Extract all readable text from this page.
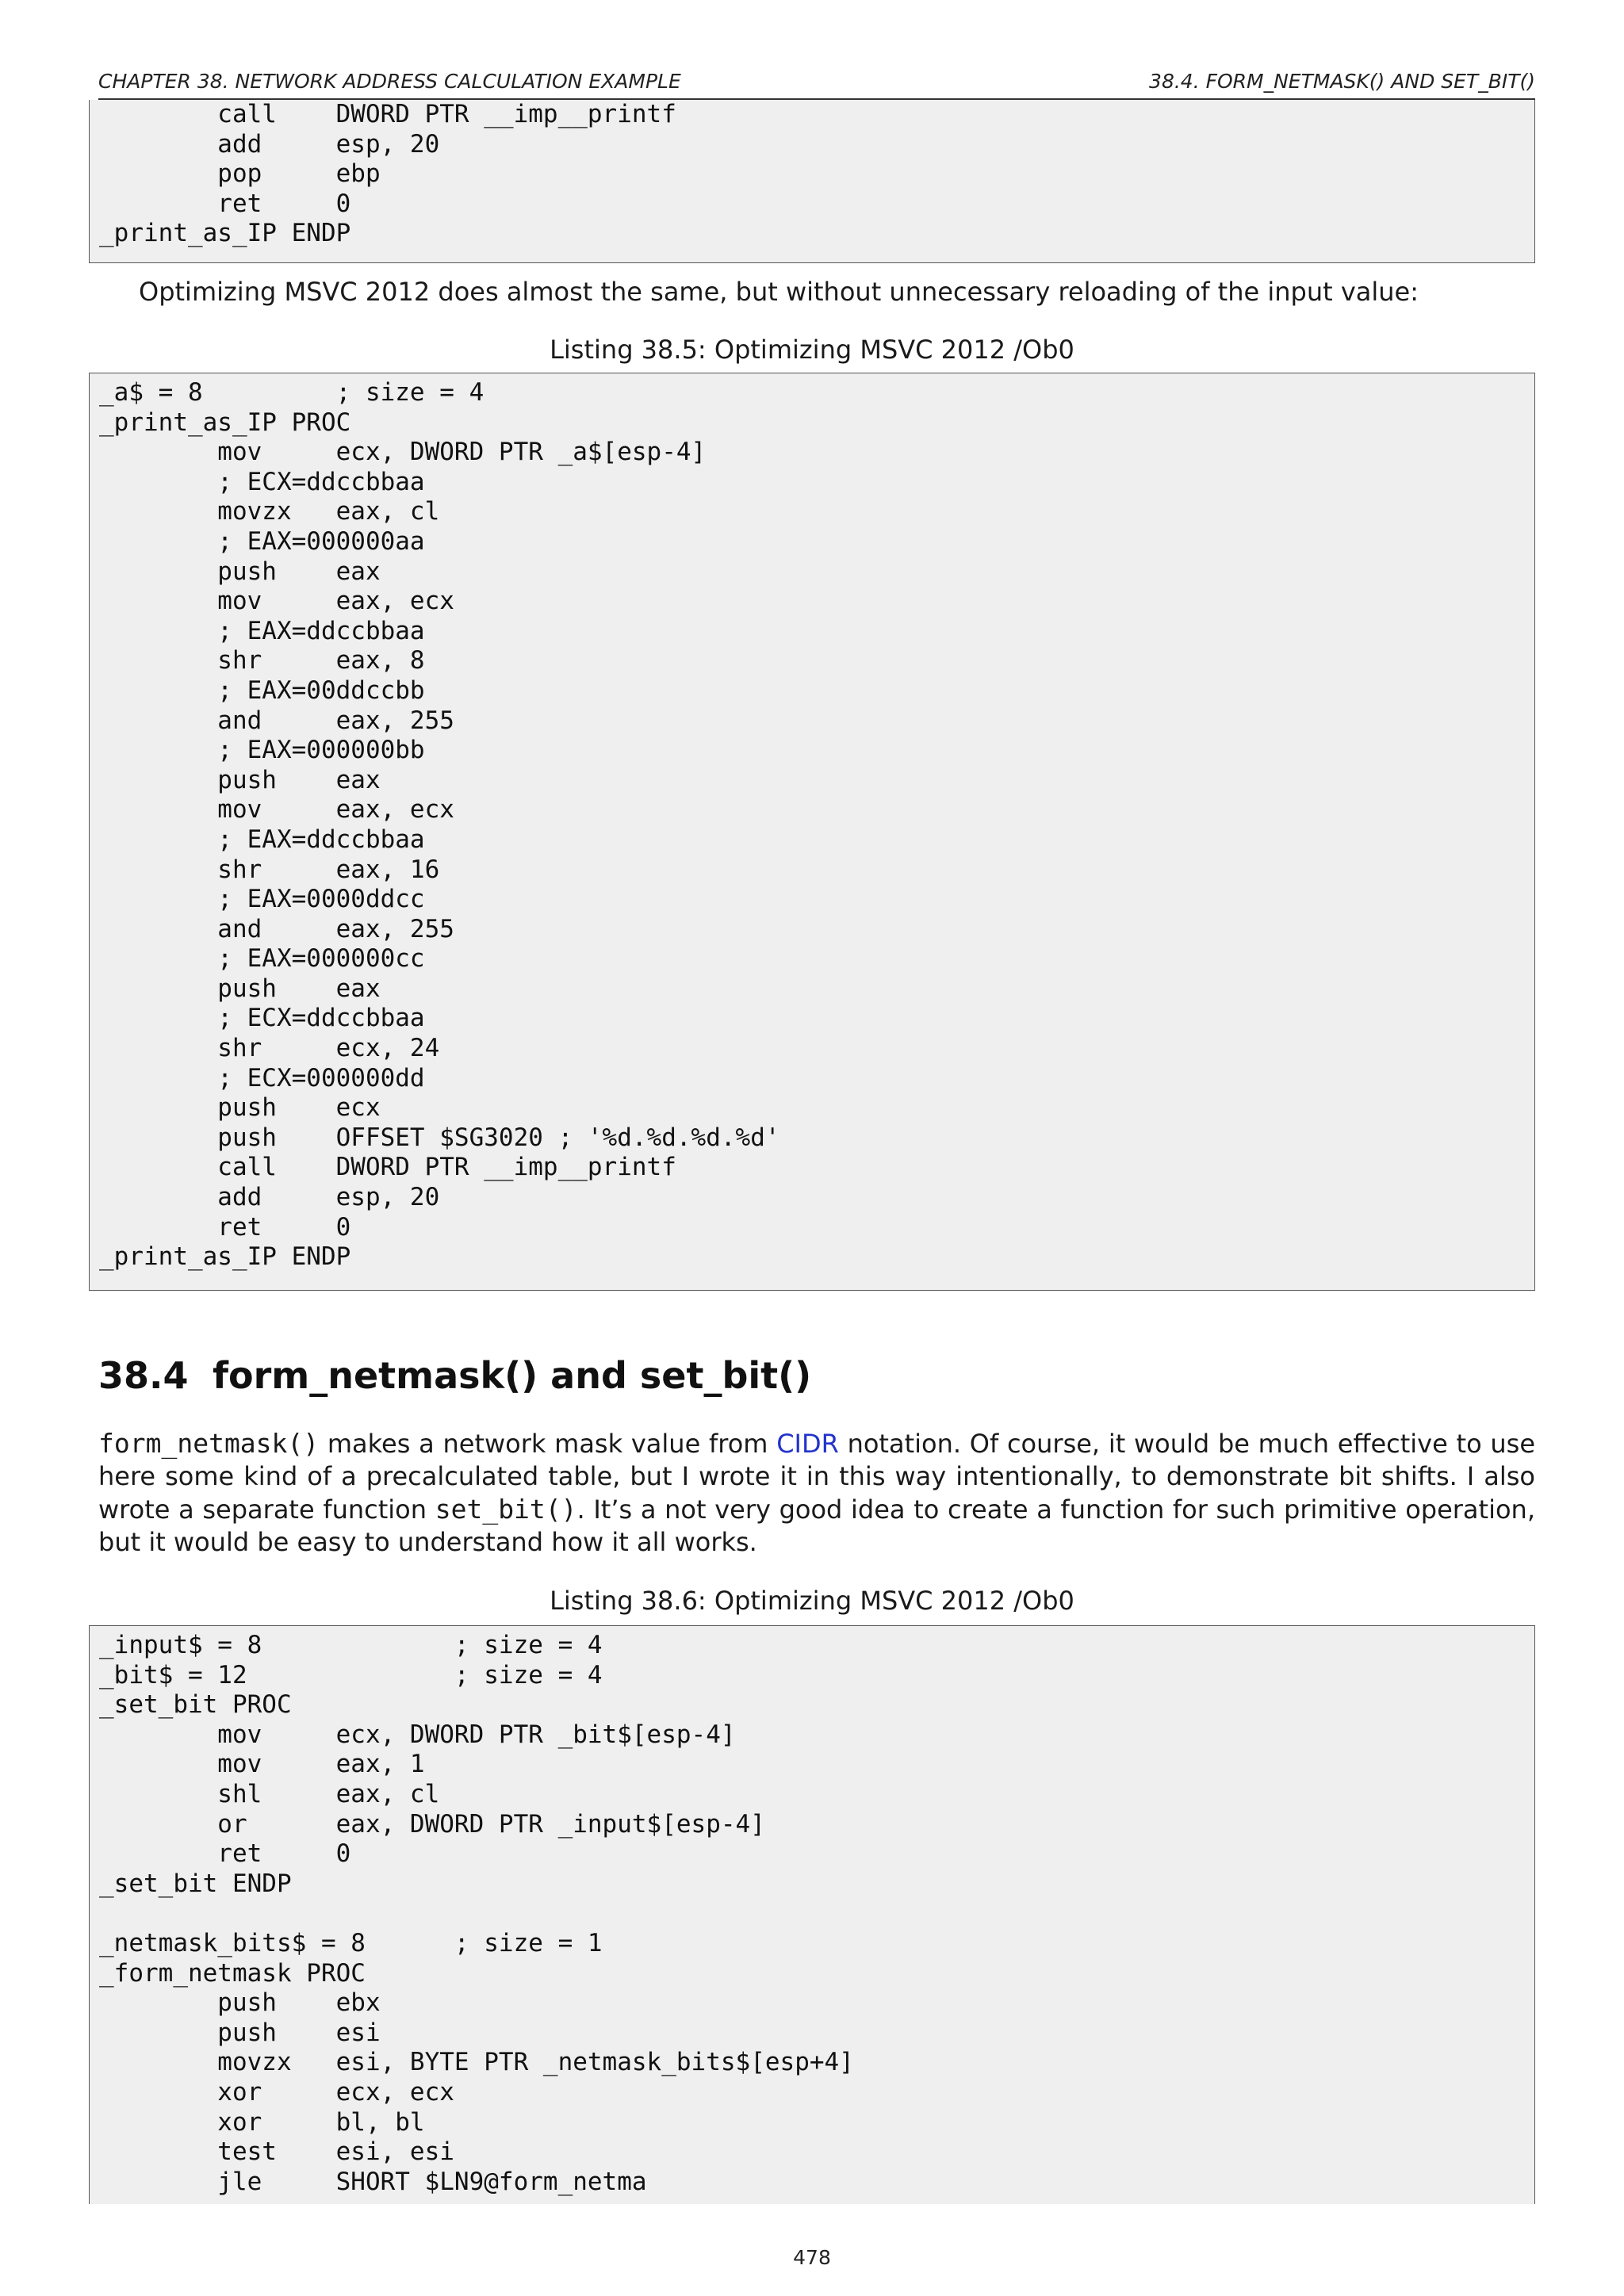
CHAPTER 38. NETWORK ADDRESS CALCULATION EXAMPLE	38.4. FORM_NETMASK() AND SET_BIT()
call    DWORD PTR __imp__printf
add     esp, 20
pop     ebp
ret     0
_print_as_IP ENDP
Optimizing MSVC 2012 does almost the same, but without unnecessary reloading of the input value:
Listing 38.5: Optimizing MSVC 2012 /Ob0
_a$ = 8         ; size = 4
_print_as_IP PROC
mov     ecx, DWORD PTR _a$[esp-4]
; ECX=ddccbbaa
movzx   eax, cl
; EAX=000000aa
push    eax
mov     eax, ecx
; EAX=ddccbbaa
shr     eax, 8
; EAX=00ddccbb
and     eax, 255
; EAX=000000bb
push    eax
mov     eax, ecx
; EAX=ddccbbaa
shr     eax, 16
; EAX=0000ddcc
and     eax, 255
; EAX=000000cc
push    eax
; ECX=ddccbbaa
shr     ecx, 24
; ECX=000000dd
push    ecx
push    OFFSET $SG3020 ; '%d.%d.%d.%d'
call    DWORD PTR __imp__printf
add     esp, 20
ret     0
_print_as_IP ENDP
38.4 form_netmask() and set_bit()
form_netmask() makes a network mask value from CIDR notation. Of course, it would be much effective to use here some kind of a precalculated table, but I wrote it in this way intentionally, to demonstrate bit shifts. I also wrote a separate function set_bit(). It’s a not very good idea to create a function for such primitive operation, but it would be easy to understand how it all works.
Listing 38.6: Optimizing MSVC 2012 /Ob0
_input$ = 8             ; size = 4
_bit$ = 12              ; size = 4
_set_bit PROC
mov     ecx, DWORD PTR _bit$[esp-4]
mov     eax, 1
shl     eax, cl
or      eax, DWORD PTR _input$[esp-4]
ret     0
_set_bit ENDP

_netmask_bits$ = 8      ; size = 1
_form_netmask PROC
push    ebx
push    esi
movzx   esi, BYTE PTR _netmask_bits$[esp+4]
xor     ecx, ecx
xor     bl, bl
test    esi, esi
jle     SHORT $LN9@form_netma
478
